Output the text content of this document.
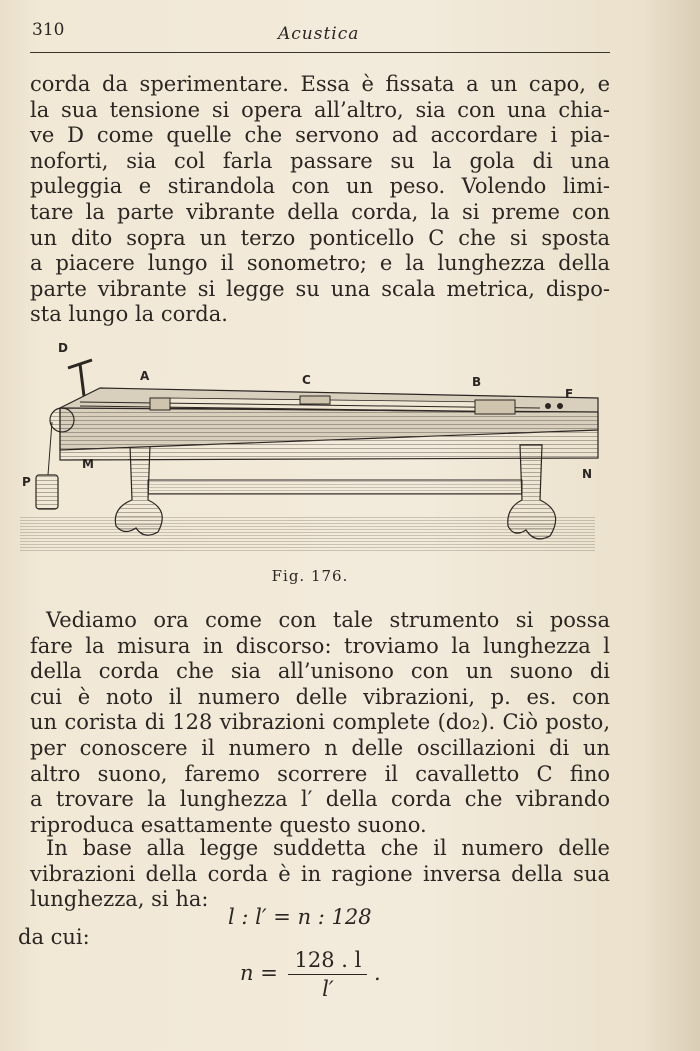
310	Acustica
corda da sperimentare. Essa è fissata a un capo, e
la sua tensione si opera all’altro, sia con una chia-
ve D come quelle che servono ad accordare i pia-
noforti, sia col farla passare su la gola di una
puleggia e stirandola con un peso. Volendo limi-
tare la parte vibrante della corda, la si preme con
un dito sopra un terzo ponticello C che si sposta
a piacere lungo il sonometro; e la lunghezza della
parte vibrante si legge su una scala metrica, dispo-
sta lungo la corda.
D
A	C	B
F
M
P
N
Fig. 176.
Vediamo ora come con tale strumento si possa
fare la misura in discorso: troviamo la lunghezza l
della corda che sia all’unisono con un suono di
cui è noto il numero delle vibrazioni, p. es. con
un corista di 128 vibrazioni complete (do₂). Ciò posto,
per conoscere il numero n delle oscillazioni di un
altro suono, faremo scorrere il cavalletto C fino
a trovare la lunghezza l′ della corda che vibrando
riproduca esattamente questo suono.
In base alla legge suddetta che il numero delle
vibrazioni della corda è in ragione inversa della sua
lunghezza, si ha:
l : l′ = n : 128
da cui:
$n = \frac{128 . l}{l'}$ .
